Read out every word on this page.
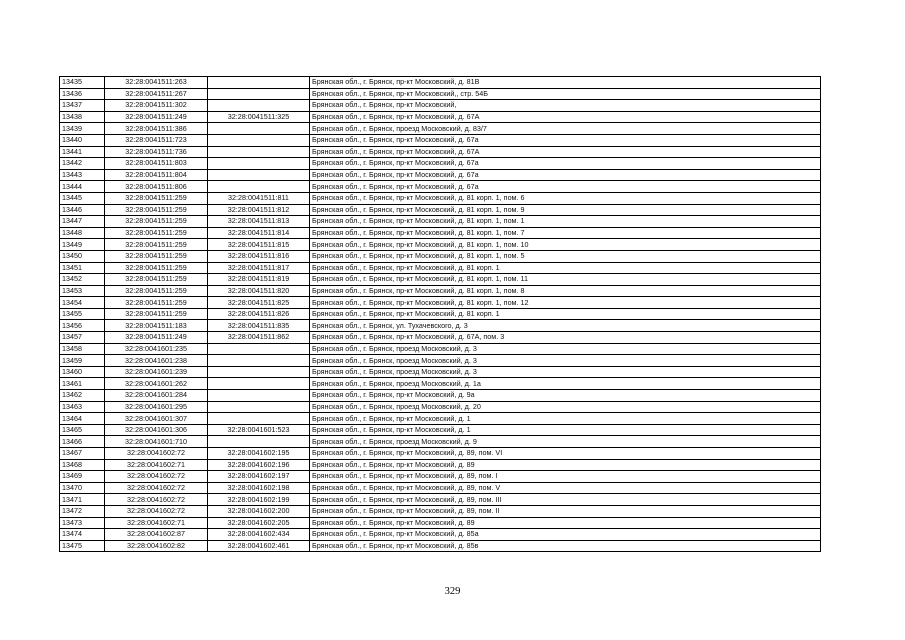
13435	32:28:0041511:263		Брянская обл., г. Брянск, пр-кт Московский, д. 81В
13436	32:28:0041511:267		Брянская обл., г. Брянск, пр-кт Московский,, стр. 54Б
13437	32:28:0041511:302		Брянская обл., г. Брянск, пр-кт Московский,
13438	32:28:0041511:249	32:28:0041511:325	Брянская обл., г. Брянск, пр-кт Московский, д. 67А
13439	32:28:0041511:386		Брянская обл., г. Брянск, проезд Московский, д. 83/7
13440	32:28:0041511:723		Брянская обл., г. Брянск, пр-кт Московский, д. 67а
13441	32:28:0041511:736		Брянская обл., г. Брянск, пр-кт Московский, д. 67А
13442	32:28:0041511:803		Брянская обл., г. Брянск, пр-кт Московский, д. 67а
13443	32:28:0041511:804		Брянская обл., г. Брянск, пр-кт Московский, д. 67а
13444	32:28:0041511:806		Брянская обл., г. Брянск, пр-кт Московский, д. 67а
13445	32:28:0041511:259	32:28:0041511:811	Брянская обл., г. Брянск, пр-кт Московский, д. 81 корп. 1, пом. 6
13446	32:28:0041511:259	32:28:0041511:812	Брянская обл., г. Брянск, пр-кт Московский, д. 81 корп. 1, пом. 9
13447	32:28:0041511:259	32:28:0041511:813	Брянская обл., г. Брянск, пр-кт Московский, д. 81 корп. 1, пом. 1
13448	32:28:0041511:259	32:28:0041511:814	Брянская обл., г. Брянск, пр-кт Московский, д. 81 корп. 1, пом. 7
13449	32:28:0041511:259	32:28:0041511:815	Брянская обл., г. Брянск, пр-кт Московский, д. 81 корп. 1, пом. 10
13450	32:28:0041511:259	32:28:0041511:816	Брянская обл., г. Брянск, пр-кт Московский, д. 81 корп. 1, пом. 5
13451	32:28:0041511:259	32:28:0041511:817	Брянская обл., г. Брянск, пр-кт Московский, д. 81 корп. 1
13452	32:28:0041511:259	32:28:0041511:819	Брянская обл., г. Брянск, пр-кт Московский, д. 81 корп. 1, пом. 11
13453	32:28:0041511:259	32:28:0041511:820	Брянская обл., г. Брянск, пр-кт Московский, д. 81 корп. 1, пом. 8
13454	32:28:0041511:259	32:28:0041511:825	Брянская обл., г. Брянск, пр-кт Московский, д. 81 корп. 1, пом. 12
13455	32:28:0041511:259	32:28:0041511:826	Брянская обл., г. Брянск, пр-кт Московский, д. 81 корп. 1
13456	32:28:0041511:183	32:28:0041511:835	Брянская обл., г. Брянск, ул. Тухачевского, д. 3
13457	32:28:0041511:249	32:28:0041511:862	Брянская обл., г. Брянск, пр-кт Московский, д. 67А, пом. 3
13458	32:28:0041601:235		Брянская обл., г. Брянск, проезд Московский, д. 3
13459	32:28:0041601:238		Брянская обл., г. Брянск, проезд Московский, д. 3
13460	32:28:0041601:239		Брянская обл., г. Брянск, проезд Московский, д. 3
13461	32:28:0041601:262		Брянская обл., г. Брянск, проезд Московский, д. 1а
13462	32:28:0041601:284		Брянская обл., г. Брянск, пр-кт Московский, д. 9а
13463	32:28:0041601:295		Брянская обл., г. Брянск, проезд Московский, д. 20
13464	32:28:0041601:307		Брянская обл., г. Брянск, пр-кт Московский, д. 1
13465	32:28:0041601:306	32:28:0041601:523	Брянская обл., г. Брянск, пр-кт Московский, д. 1
13466	32:28:0041601:710		Брянская обл., г. Брянск, проезд Московский, д. 9
13467	32:28:0041602:72	32:28:0041602:195	Брянская обл., г. Брянск, пр-кт Московский, д. 89, пом. VI
13468	32:28:0041602:71	32:28:0041602:196	Брянская обл., г. Брянск, пр-кт Московский, д. 89
13469	32:28:0041602:72	32:28:0041602:197	Брянская обл., г. Брянск, пр-кт Московский, д. 89, пом. I
13470	32:28:0041602:72	32:28:0041602:198	Брянская обл., г. Брянск, пр-кт Московский, д. 89, пом. V
13471	32:28:0041602:72	32:28:0041602:199	Брянская обл., г. Брянск, пр-кт Московский, д. 89, пом. III
13472	32:28:0041602:72	32:28:0041602:200	Брянская обл., г. Брянск, пр-кт Московский, д. 89, пом. II
13473	32:28:0041602:71	32:28:0041602:205	Брянская обл., г. Брянск, пр-кт Московский, д. 89
13474	32:28:0041602:87	32:28:0041602:434	Брянская обл., г. Брянск, пр-кт Московский, д. 85а
13475	32:28:0041602:82	32:28:0041602:461	Брянская обл., г. Брянск, пр-кт Московский, д. 85в
329
